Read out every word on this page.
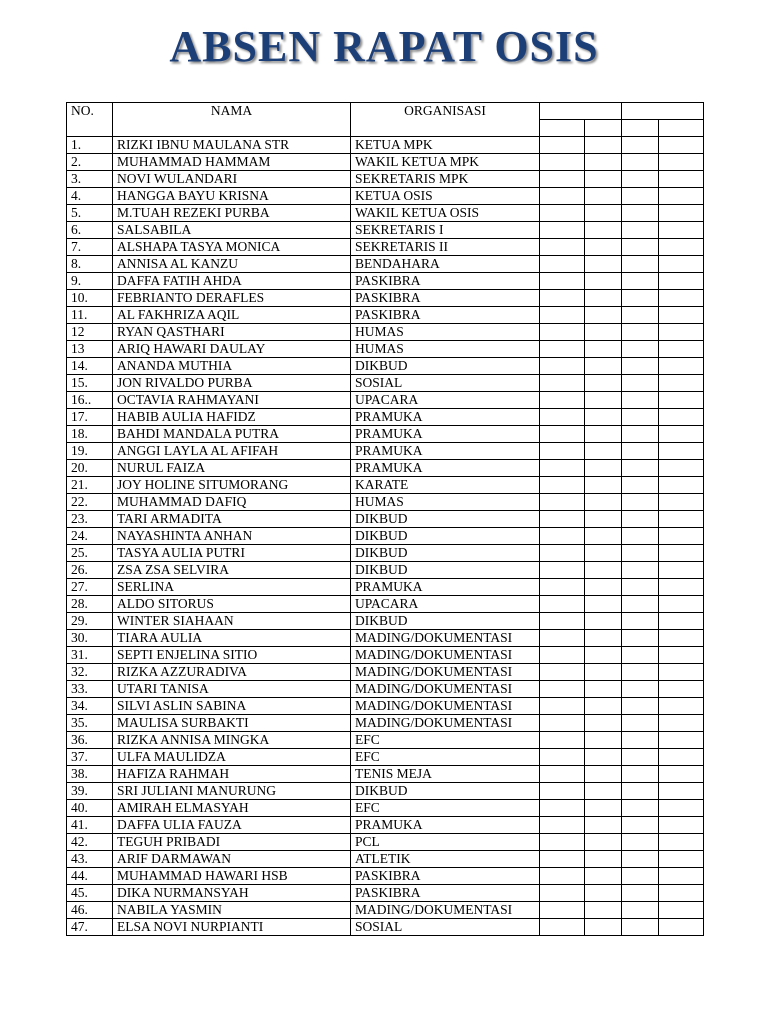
ABSEN RAPAT OSIS
NO.	NAMA	ORGANISASI				

1.	RIZKI IBNU MAULANA STR	KETUA MPK				
2.	MUHAMMAD HAMMAM	WAKIL KETUA MPK				
3.	NOVI WULANDARI	SEKRETARIS MPK				
4.	HANGGA BAYU KRISNA	KETUA OSIS				
5.	M.TUAH REZEKI PURBA	WAKIL KETUA OSIS				
6.	SALSABILA	SEKRETARIS I				
7.	ALSHAPA TASYA MONICA	SEKRETARIS II				
8.	ANNISA AL KANZU	BENDAHARA				
9.	DAFFA FATIH AHDA	PASKIBRA				
10.	FEBRIANTO DERAFLES	PASKIBRA				
11.	AL FAKHRIZA AQIL	PASKIBRA				
12	RYAN QASTHARI	HUMAS				
13	ARIQ HAWARI DAULAY	HUMAS				
14.	ANANDA MUTHIA	DIKBUD				
15.	JON RIVALDO PURBA	SOSIAL				
16..	OCTAVIA RAHMAYANI	UPACARA				
17.	HABIB AULIA HAFIDZ	PRAMUKA				
18.	BAHDI MANDALA PUTRA	PRAMUKA				
19.	ANGGI LAYLA AL AFIFAH	PRAMUKA				
20.	NURUL FAIZA	PRAMUKA				
21.	JOY HOLINE SITUMORANG	KARATE				
22.	MUHAMMAD DAFIQ	HUMAS				
23.	TARI ARMADITA	DIKBUD				
24.	NAYASHINTA ANHAN	DIKBUD				
25.	TASYA AULIA PUTRI	DIKBUD				
26.	ZSA ZSA SELVIRA	DIKBUD				
27.	SERLINA	PRAMUKA				
28.	ALDO SITORUS	UPACARA				
29.	WINTER SIAHAAN	DIKBUD				
30.	TIARA AULIA	MADING/DOKUMENTASI				
31.	SEPTI ENJELINA SITIO	MADING/DOKUMENTASI				
32.	RIZKA AZZURADIVA	MADING/DOKUMENTASI				
33.	UTARI TANISA	MADING/DOKUMENTASI				
34.	SILVI ASLIN SABINA	MADING/DOKUMENTASI				
35.	MAULISA SURBAKTI	MADING/DOKUMENTASI				
36.	RIZKA ANNISA MINGKA	EFC				
37.	ULFA MAULIDZA	EFC				
38.	HAFIZA RAHMAH	TENIS MEJA				
39.	SRI JULIANI MANURUNG	DIKBUD				
40.	AMIRAH ELMASYAH	EFC				
41.	DAFFA ULIA FAUZA	PRAMUKA				
42.	TEGUH PRIBADI	PCL				
43.	ARIF DARMAWAN	ATLETIK				
44.	MUHAMMAD HAWARI HSB	PASKIBRA				
45.	DIKA NURMANSYAH	PASKIBRA				
46.	NABILA YASMIN	MADING/DOKUMENTASI				
47.	ELSA NOVI NURPIANTI	SOSIAL				
